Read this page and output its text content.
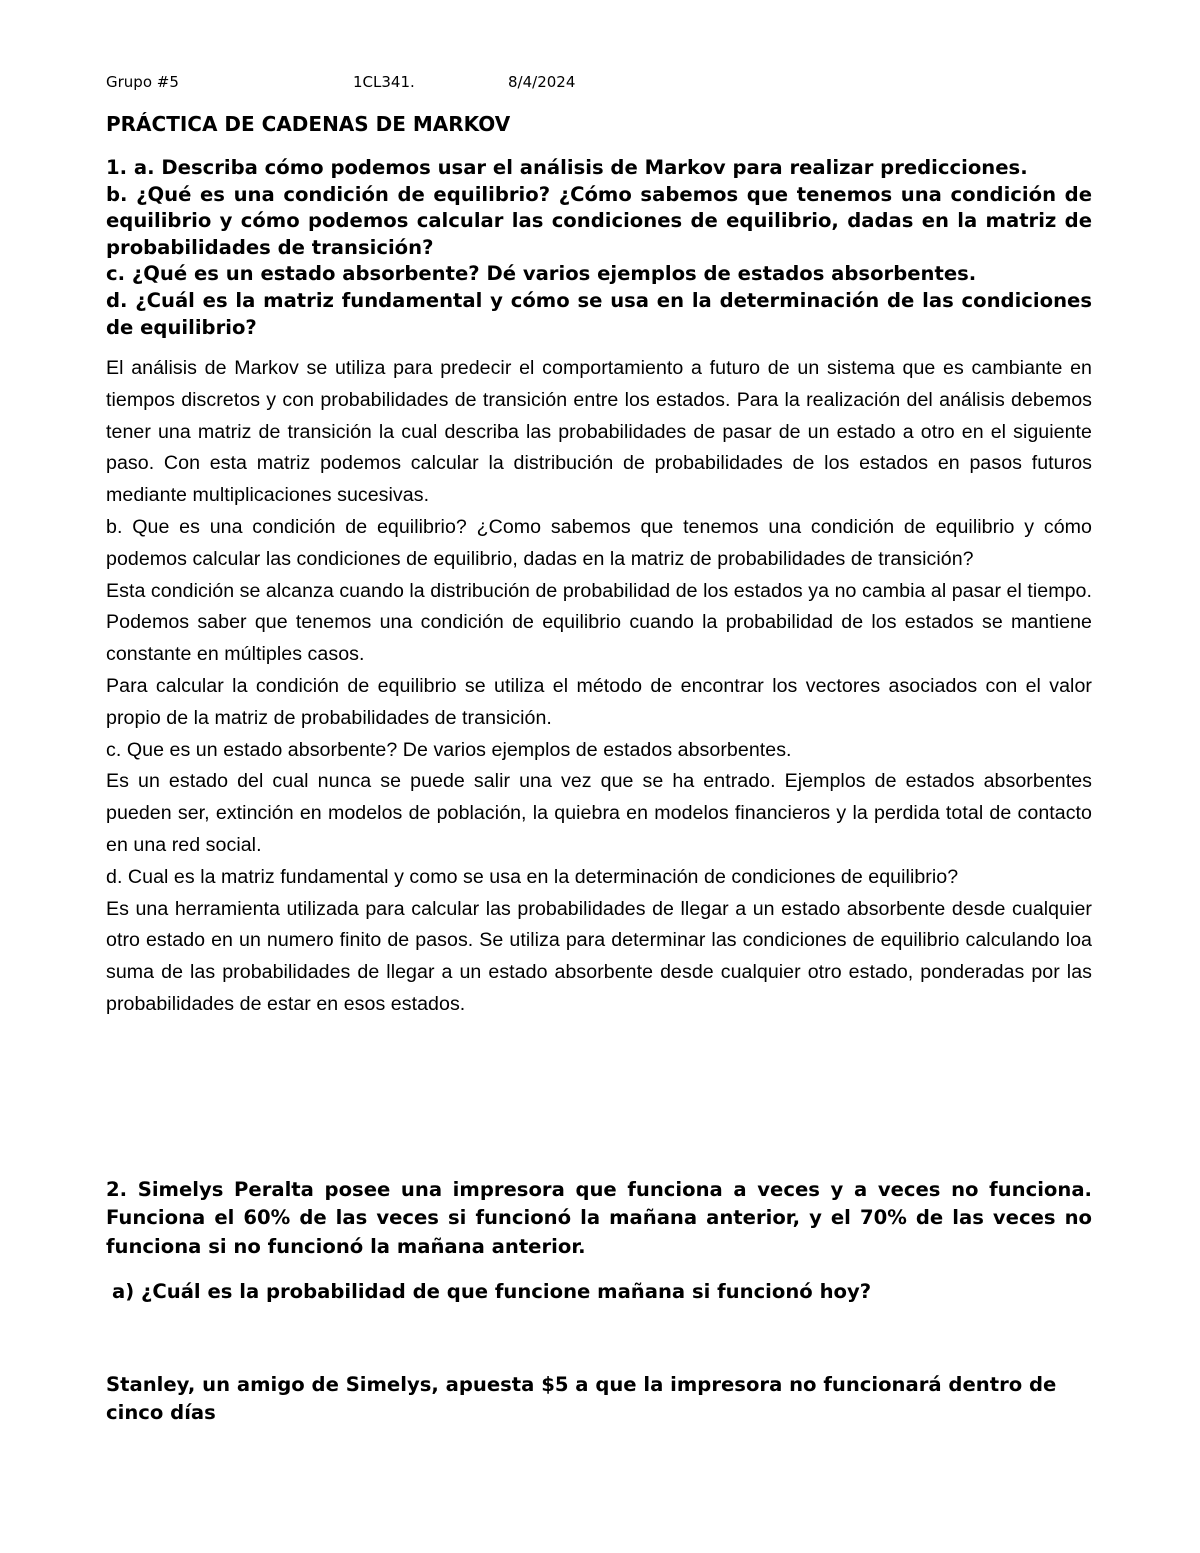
Grupo #5	1CL341.	8/4/2024
PRÁCTICA DE CADENAS DE MARKOV

1. a. Describa cómo podemos usar el análisis de Markov para realizar predicciones.

b. ¿Qué es una condición de equilibrio? ¿Cómo sabemos que tenemos una condición de equilibrio y cómo podemos calcular las condiciones de equilibrio, dadas en la matriz de probabilidades de transición?

c. ¿Qué es un estado absorbente? Dé varios ejemplos de estados absorbentes.

d. ¿Cuál es la matriz fundamental y cómo se usa en la determinación de las condiciones de equilibrio?

El análisis de Markov se utiliza para predecir el comportamiento a futuro de un sistema que es cambiante en tiempos discretos y con probabilidades de transición entre los estados. Para la realización del análisis debemos tener una matriz de transición la cual describa las probabilidades de pasar de un estado a otro en el siguiente paso. Con esta matriz podemos calcular la distribución de probabilidades de los estados en pasos futuros mediante multiplicaciones sucesivas.

b. Que es una condición de equilibrio? ¿Como sabemos que tenemos una condición de equilibrio y cómo podemos calcular las condiciones de equilibrio, dadas en la matriz de probabilidades de transición?

Esta condición se alcanza cuando la distribución de probabilidad de los estados ya no cambia al pasar el tiempo. Podemos saber que tenemos una condición de equilibrio cuando la probabilidad de los estados se mantiene constante en múltiples casos.

Para calcular la condición de equilibrio se utiliza el método de encontrar los vectores asociados con el valor propio de la matriz de probabilidades de transición.

c. Que es un estado absorbente? De varios ejemplos de estados absorbentes.

Es un estado del cual nunca se puede salir una vez que se ha entrado. Ejemplos de estados absorbentes pueden ser, extinción en modelos de población, la quiebra en modelos financieros y la perdida total de contacto en una red social.

d. Cual es la matriz fundamental y como se usa en la determinación de condiciones de equilibrio?

Es una herramienta utilizada para calcular las probabilidades de llegar a un estado absorbente desde cualquier otro estado en un numero finito de pasos. Se utiliza para determinar las condiciones de equilibrio calculando loa suma de las probabilidades de llegar a un estado absorbente desde cualquier otro estado, ponderadas por las probabilidades de estar en esos estados.

2. Simelys Peralta posee una impresora que funciona a veces y a veces no funciona. Funciona el 60% de las veces si funcionó la mañana anterior, y el 70% de las veces no funciona si no funcionó la mañana anterior.

a) ¿Cuál es la probabilidad de que funcione mañana si funcionó hoy?

Stanley, un amigo de Simelys, apuesta $5 a que la impresora no funcionará dentro de cinco días
